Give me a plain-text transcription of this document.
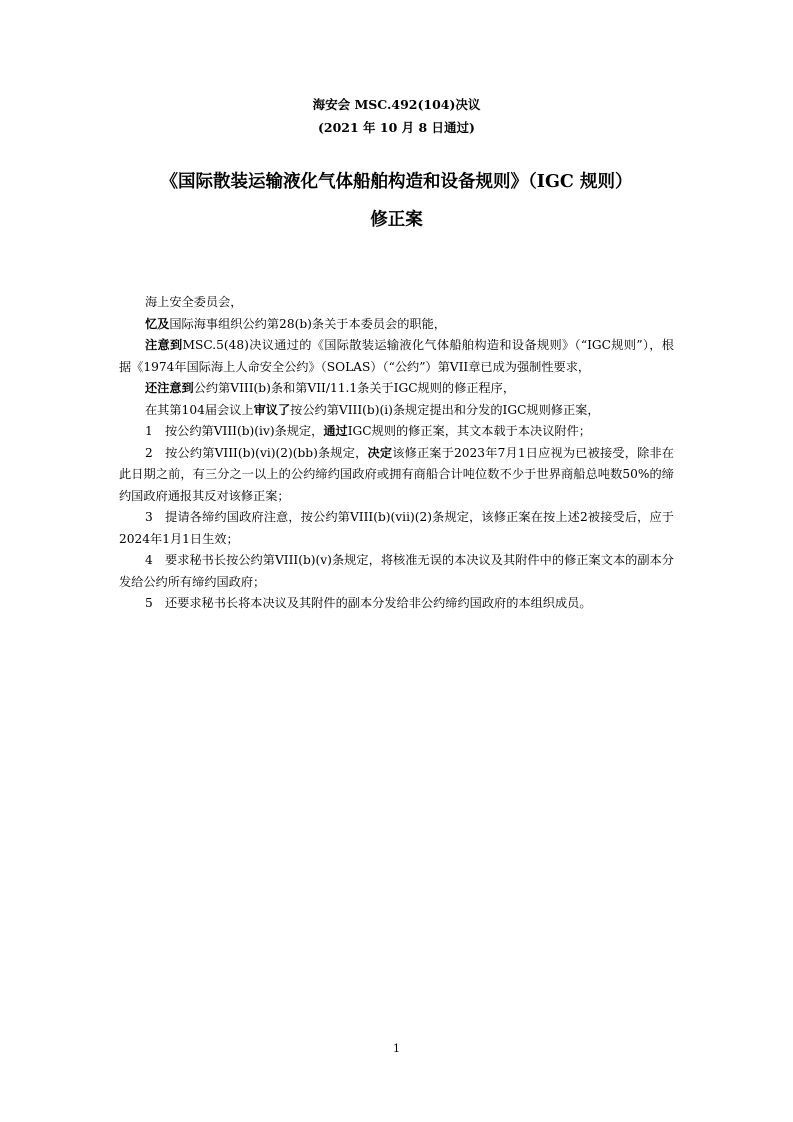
海安会 MSC.492(104)决议
(2021 年 10 月 8 日通过)
《国际散装运输液化气体船舶构造和设备规则》（IGC 规则）
修正案

海上安全委员会，

忆及国际海事组织公约第28(b)条关于本委员会的职能，

注意到MSC.5(48)决议通过的《国际散装运输液化气体船舶构造和设备规则》（“IGC规则”），根据《1974年国际海上人命安全公约》（SOLAS）（“公约”）第VII章已成为强制性要求，

还注意到公约第VIII(b)条和第VII/11.1条关于IGC规则的修正程序，

在其第104届会议上审议了按公约第VIII(b)(i)条规定提出和分发的IGC规则修正案，

1 按公约第VIII(b)(iv)条规定，通过IGC规则的修正案，其文本载于本决议附件；

2 按公约第VIII(b)(vi)(2)(bb)条规定，决定该修正案于2023年7月1日应视为已被接受，除非在此日期之前，有三分之一以上的公约缔约国政府或拥有商船合计吨位数不少于世界商船总吨数50%的缔约国政府通报其反对该修正案；

3 提请各缔约国政府注意，按公约第VIII(b)(vii)(2)条规定，该修正案在按上述2被接受后，应于2024年1月1日生效；

4 要求秘书长按公约第VIII(b)(v)条规定，将核准无误的本决议及其附件中的修正案文本的副本分发给公约所有缔约国政府；

5 还要求秘书长将本决议及其附件的副本分发给非公约缔约国政府的本组织成员。

1
